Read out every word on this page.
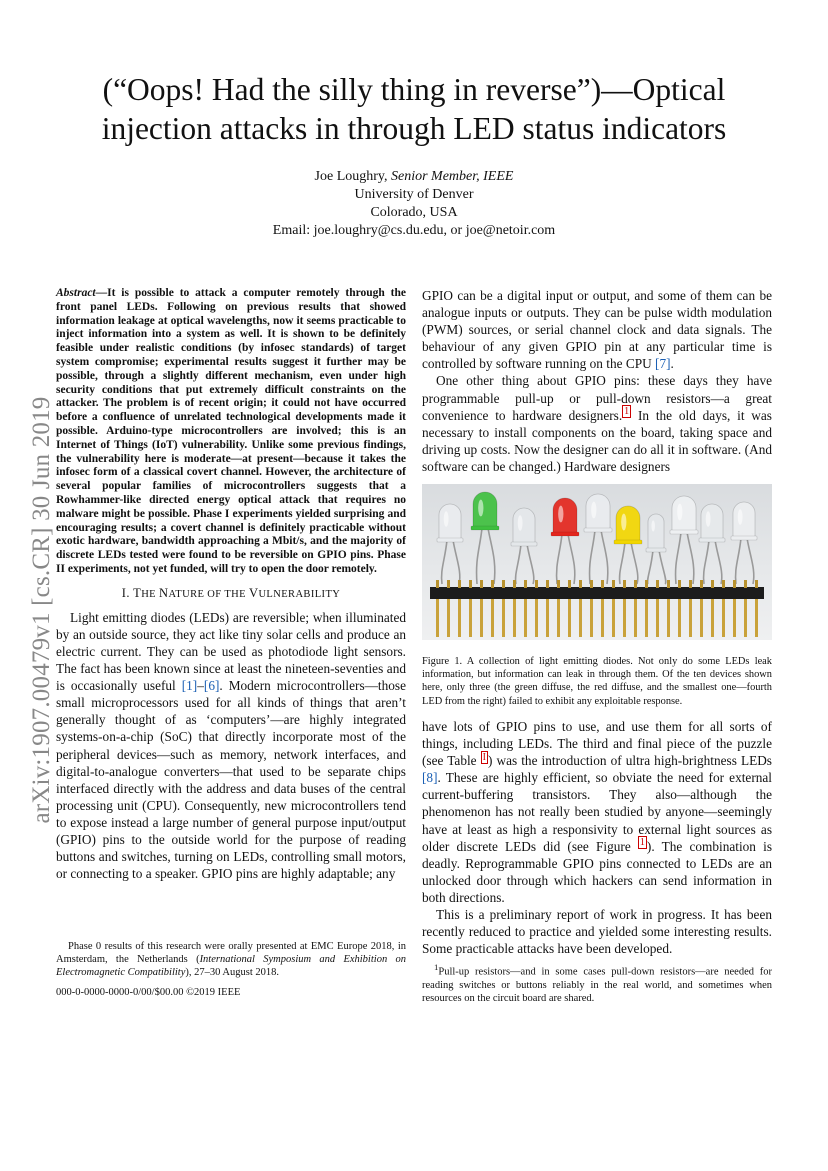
arXiv:1907.00479v1 [cs.CR] 30 Jun 2019
(“Oops! Had the silly thing in reverse”)—Optical injection attacks in through LED status indicators
Joe Loughry, Senior Member, IEEE
University of Denver
Colorado, USA
Email: joe.loughry@cs.du.edu, or joe@netoir.com

Abstract—It is possible to attack a computer remotely through the front panel LEDs. Following on previous results that showed information leakage at optical wavelengths, now it seems practicable to inject information into a system as well. It is shown to be definitely feasible under realistic conditions (by infosec standards) of target system compromise; experimental results suggest it further may be possible, through a slightly different mechanism, even under high security conditions that put extremely difficult constraints on the attacker. The problem is of recent origin; it could not have occurred before a confluence of unrelated technological developments made it possible. Arduino-type microcontrollers are involved; this is an Internet of Things (IoT) vulnerability. Unlike some previous findings, the vulnerability here is moderate—at present—because it takes the infosec form of a classical covert channel. However, the architecture of several popular families of microcontrollers suggests that a Rowhammer-like directed energy optical attack that requires no malware might be possible. Phase I experiments yielded surprising and encouraging results; a covert channel is definitely practicable without exotic hardware, bandwidth approaching a Mbit/s, and the majority of discrete LEDs tested were found to be reversible on GPIO pins. Phase II experiments, not yet funded, will try to open the door remotely.

I. THE NATURE OF THE VULNERABILITY

Light emitting diodes (LEDs) are reversible; when illuminated by an outside source, they act like tiny solar cells and produce an electric current. They can be used as photodiode light sensors. The fact has been known since at least the nineteen-seventies and is occasionally useful [1]–[6]. Modern microcontrollers—those small microprocessors used for all kinds of things that aren’t generally thought of as ‘computers’—are highly integrated systems-on-a-chip (SoC) that directly incorporate most of the peripheral devices—such as memory, network interfaces, and digital-to-analogue converters—that used to be separate chips interfaced directly with the address and data buses of the central processing unit (CPU). Consequently, new microcontrollers tend to expose instead a large number of general purpose input/output (GPIO) pins to the outside world for the purpose of reading buttons and switches, turning on LEDs, controlling small motors, or connecting to a speaker. GPIO pins are highly adaptable; any

Phase 0 results of this research were orally presented at EMC Europe 2018, in Amsterdam, the Netherlands (International Symposium and Exhibition on Electromagnetic Compatibility), 27–30 August 2018.

000-0-0000-0000-0/00/$00.00 ©2019 IEEE

GPIO can be a digital input or output, and some of them can be analogue inputs or outputs. They can be pulse width modulation (PWM) sources, or serial channel clock and data signals. The behaviour of any given GPIO pin at any particular time is controlled by software running on the CPU [7].

One other thing about GPIO pins: these days they have programmable pull-up or pull-down resistors—a great convenience to hardware designers. $^1$ In the old days, it was necessary to install components on the board, taking space and driving up costs. Now the designer can do all it in software. (And software can be changed.) Hardware designers

Figure 1. A collection of light emitting diodes. Not only do some LEDs leak information, but information can leak in through them. Of the ten devices shown here, only three (the green diffuse, the red diffuse, and the smallest one—fourth LED from the right) failed to exhibit any exploitable response.

have lots of GPIO pins to use, and use them for all sorts of things, including LEDs. The third and final piece of the puzzle (see Table $^I$ ) was the introduction of ultra high-brightness LEDs [8]. These are highly efficient, so obviate the need for external current-buffering transistors. They also—although the phenomenon has not really been studied by anyone—seemingly have at least as high a responsivity to external light sources as older discrete LEDs did (see Figure $^1$ ). The combination is deadly. Reprogrammable GPIO pins connected to LEDs are an unlocked door through which hackers can send information in both directions.

This is a preliminary report of work in progress. It has been recently reduced to practice and yielded some interesting results. Some practicable attacks have been developed.

$^1$Pull-up resistors—and in some cases pull-down resistors—are needed for reading switches or buttons reliably in the real world, and sometimes when resources on the circuit board are shared.
